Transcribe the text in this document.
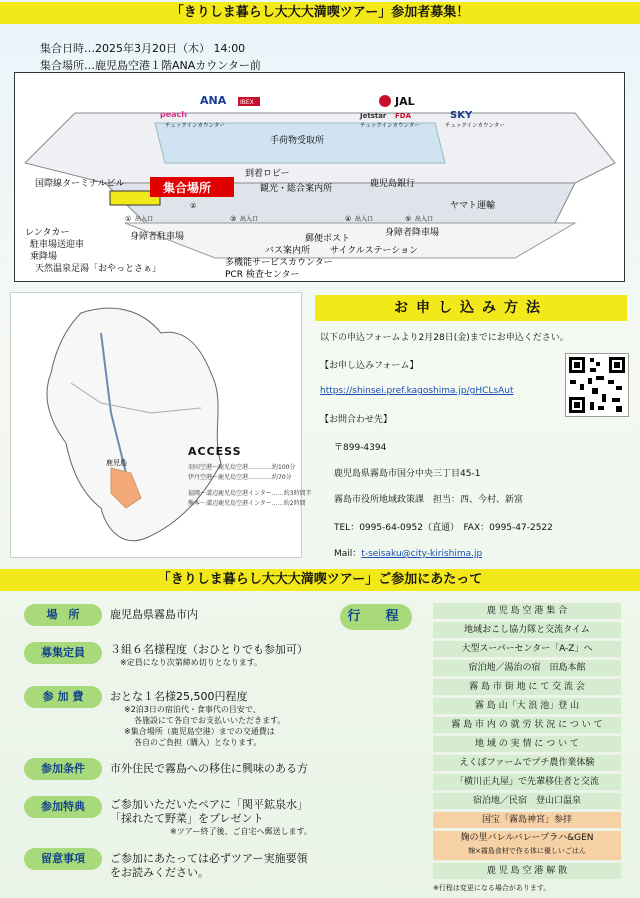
「きりしま暮らし大大大満喫ツアー」参加者募集！
集合日時…2025年3月20日（木） 14:00
集合場所…鹿児島空港１階ANAカウンター前
ANA
peach
IBEX
チェックインカウンター
JAL
Jetstar FDA
チェックインカウンター
SKY
チェックインカウンター
手荷物受取所
到着ロビー
観光・総合案内所	鹿児島銀行
ヤマト運輸
国際線ターミナルビル	集合場所
① 出入口
②
③ 出入口	④ 出入口	⑤ 出入口
レンタカー
駐車場送迎車
乗降場
身障者駐車場	身障者降車場
郵便ポスト
バス案内所 サイクルステーション
多機能サービスカウンター
PCR 検査センター
天然温泉足湯「おやっとさぁ」
鹿児島
ACCESS
羽田空港〜鹿児島空港…………約100分
伊丹空港〜鹿児島空港…………約70分
福岡〜溝辺鹿児島空港インター……約3時間半
熊本〜溝辺鹿児島空港インター……約2時間
お申し込み方法
以下の申込フォームより2月28日(金)までにお申込ください。
【お申し込みフォーム】
https://shinsei.pref.kagoshima.jp/gHCLsAut
【お問合わせ先】
〒899-4394
鹿児島県霧島市国分中央三丁目45-1
霧島市役所地域政策課　担当：西、今村、新富
TEL：0995-64-0952（直通）　FAX：0995-47-2522
Mail：t-seisaku@city-kirishima.jp
「きりしま暮らし大大大満喫ツアー」ご参加にあたって
場　所	鹿児島県霧島市内
募集定員	３組６名様程度（おひとりでも参加可）
※定員になり次第締め切りとなります。
参 加 費	おとな１名様25,500円程度
※2泊3日の宿泊代・食事代の目安で、
各施設にて各自でお支払いいただきます。
※集合場所（鹿児島空港）までの交通費は
各自のご負担（購入）となります。
参加条件	市外住民で霧島への移住に興味のある方
参加特典	ご参加いただいたペアに「関平鉱泉水」
「採れたて野菜」をプレゼント
※ツアー終了後、ご自宅へ郵送します。
留意事項	ご参加にあたっては必ずツアー実施要領
をお読みください。
行　程	鹿 児 島 空 港 集 合
地域おこし協力隊と交流タイム
大型スーパーセンター「A-Z」へ
宿泊地／湯治の宿　田島本館
霧 島 市 街 地 に て 交 流 会
霧 島 山「大 浪 池」登 山
霧 島 市 内 の 就 労 状 況 に つ い て
地 域 の 実 情 に つ い て
えくぼファームでプチ農作業体験
「横川正丸屋」で先輩移住者と交流
宿泊地／民宿　登山口温泉
国宝「霧島神宮」参拝
麹の里バレルバレープラハ&GEN
麹×霧島食材で作る体に優しいごはん
鹿 児 島 空 港 解 散
※行程は変更になる場合があります。
